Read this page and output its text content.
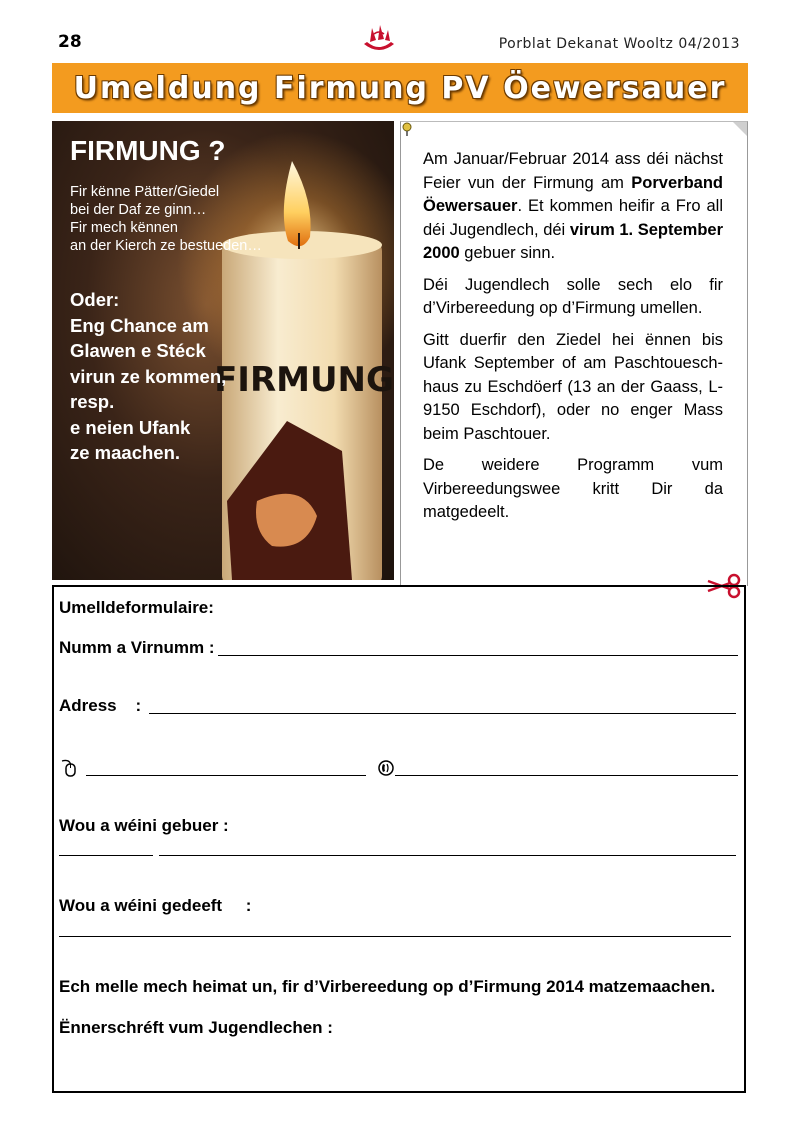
28	Porblat Dekanat Wooltz 04/2013
Umeldung Firmung PV Öewersauer
FIRMUNG
FIRMUNG ?
Fir kënne Pätter/Giedel
bei der Daf ze ginn…
Fir mech kënnen
an der Kierch ze bestueden…
Oder:
Eng Chance am
Glawen e Stéck
virun ze kommen,
resp.
e neien Ufank
ze maachen.

Am Januar/Februar 2014 ass déi nächst Feier vun der Firmung am Porverband Öewersauer. Et kommen heifir a Fro all déi Jugendlech, déi virum 1. September 2000 gebuer sinn.

Déi Jugendlech solle sech elo fir d’Virbereedung op d’Firmung umellen.

Gitt duerfir den Ziedel hei ënnen bis Ufank September of am Paschtouesch-haus zu Eschdöerf (13 an der Gaass, L-9150 Eschdorf), oder no enger Mass beim Paschtouer.

De weidere Programm vum Virbereedungswee kritt Dir da matgedeelt.

Umelldeformulaire:
Numm a Virnumm :
Adress    :
Wou a wéini gebuer :
Wou a wéini gedeeft     :
Ech melle mech heimat un, fir d’Virbereedung op d’Firmung 2014 matzemaachen.
Ënnerschréft vum Jugendlechen :
